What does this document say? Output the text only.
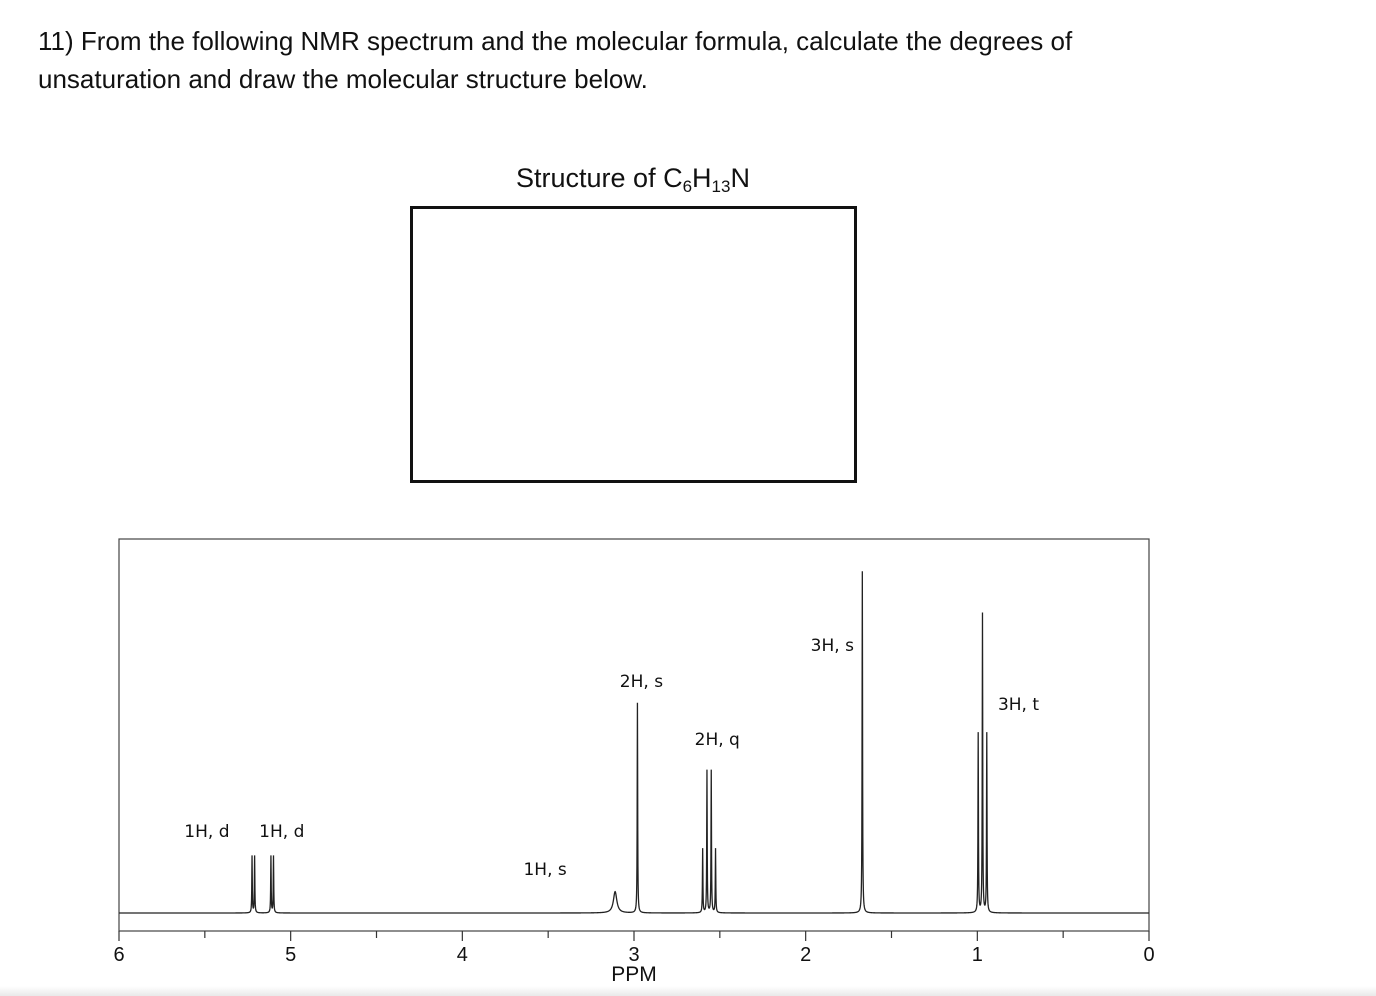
11) From the following NMR spectrum and the molecular formula, calculate the degrees of
unsaturation and draw the molecular structure below.
Structure of $C_6H_{13}N$
6	5	4	3	2	1	0
1H, d 1H, d
1H, s
2H, s
2H, q
3H, s
3H, t
PPM
